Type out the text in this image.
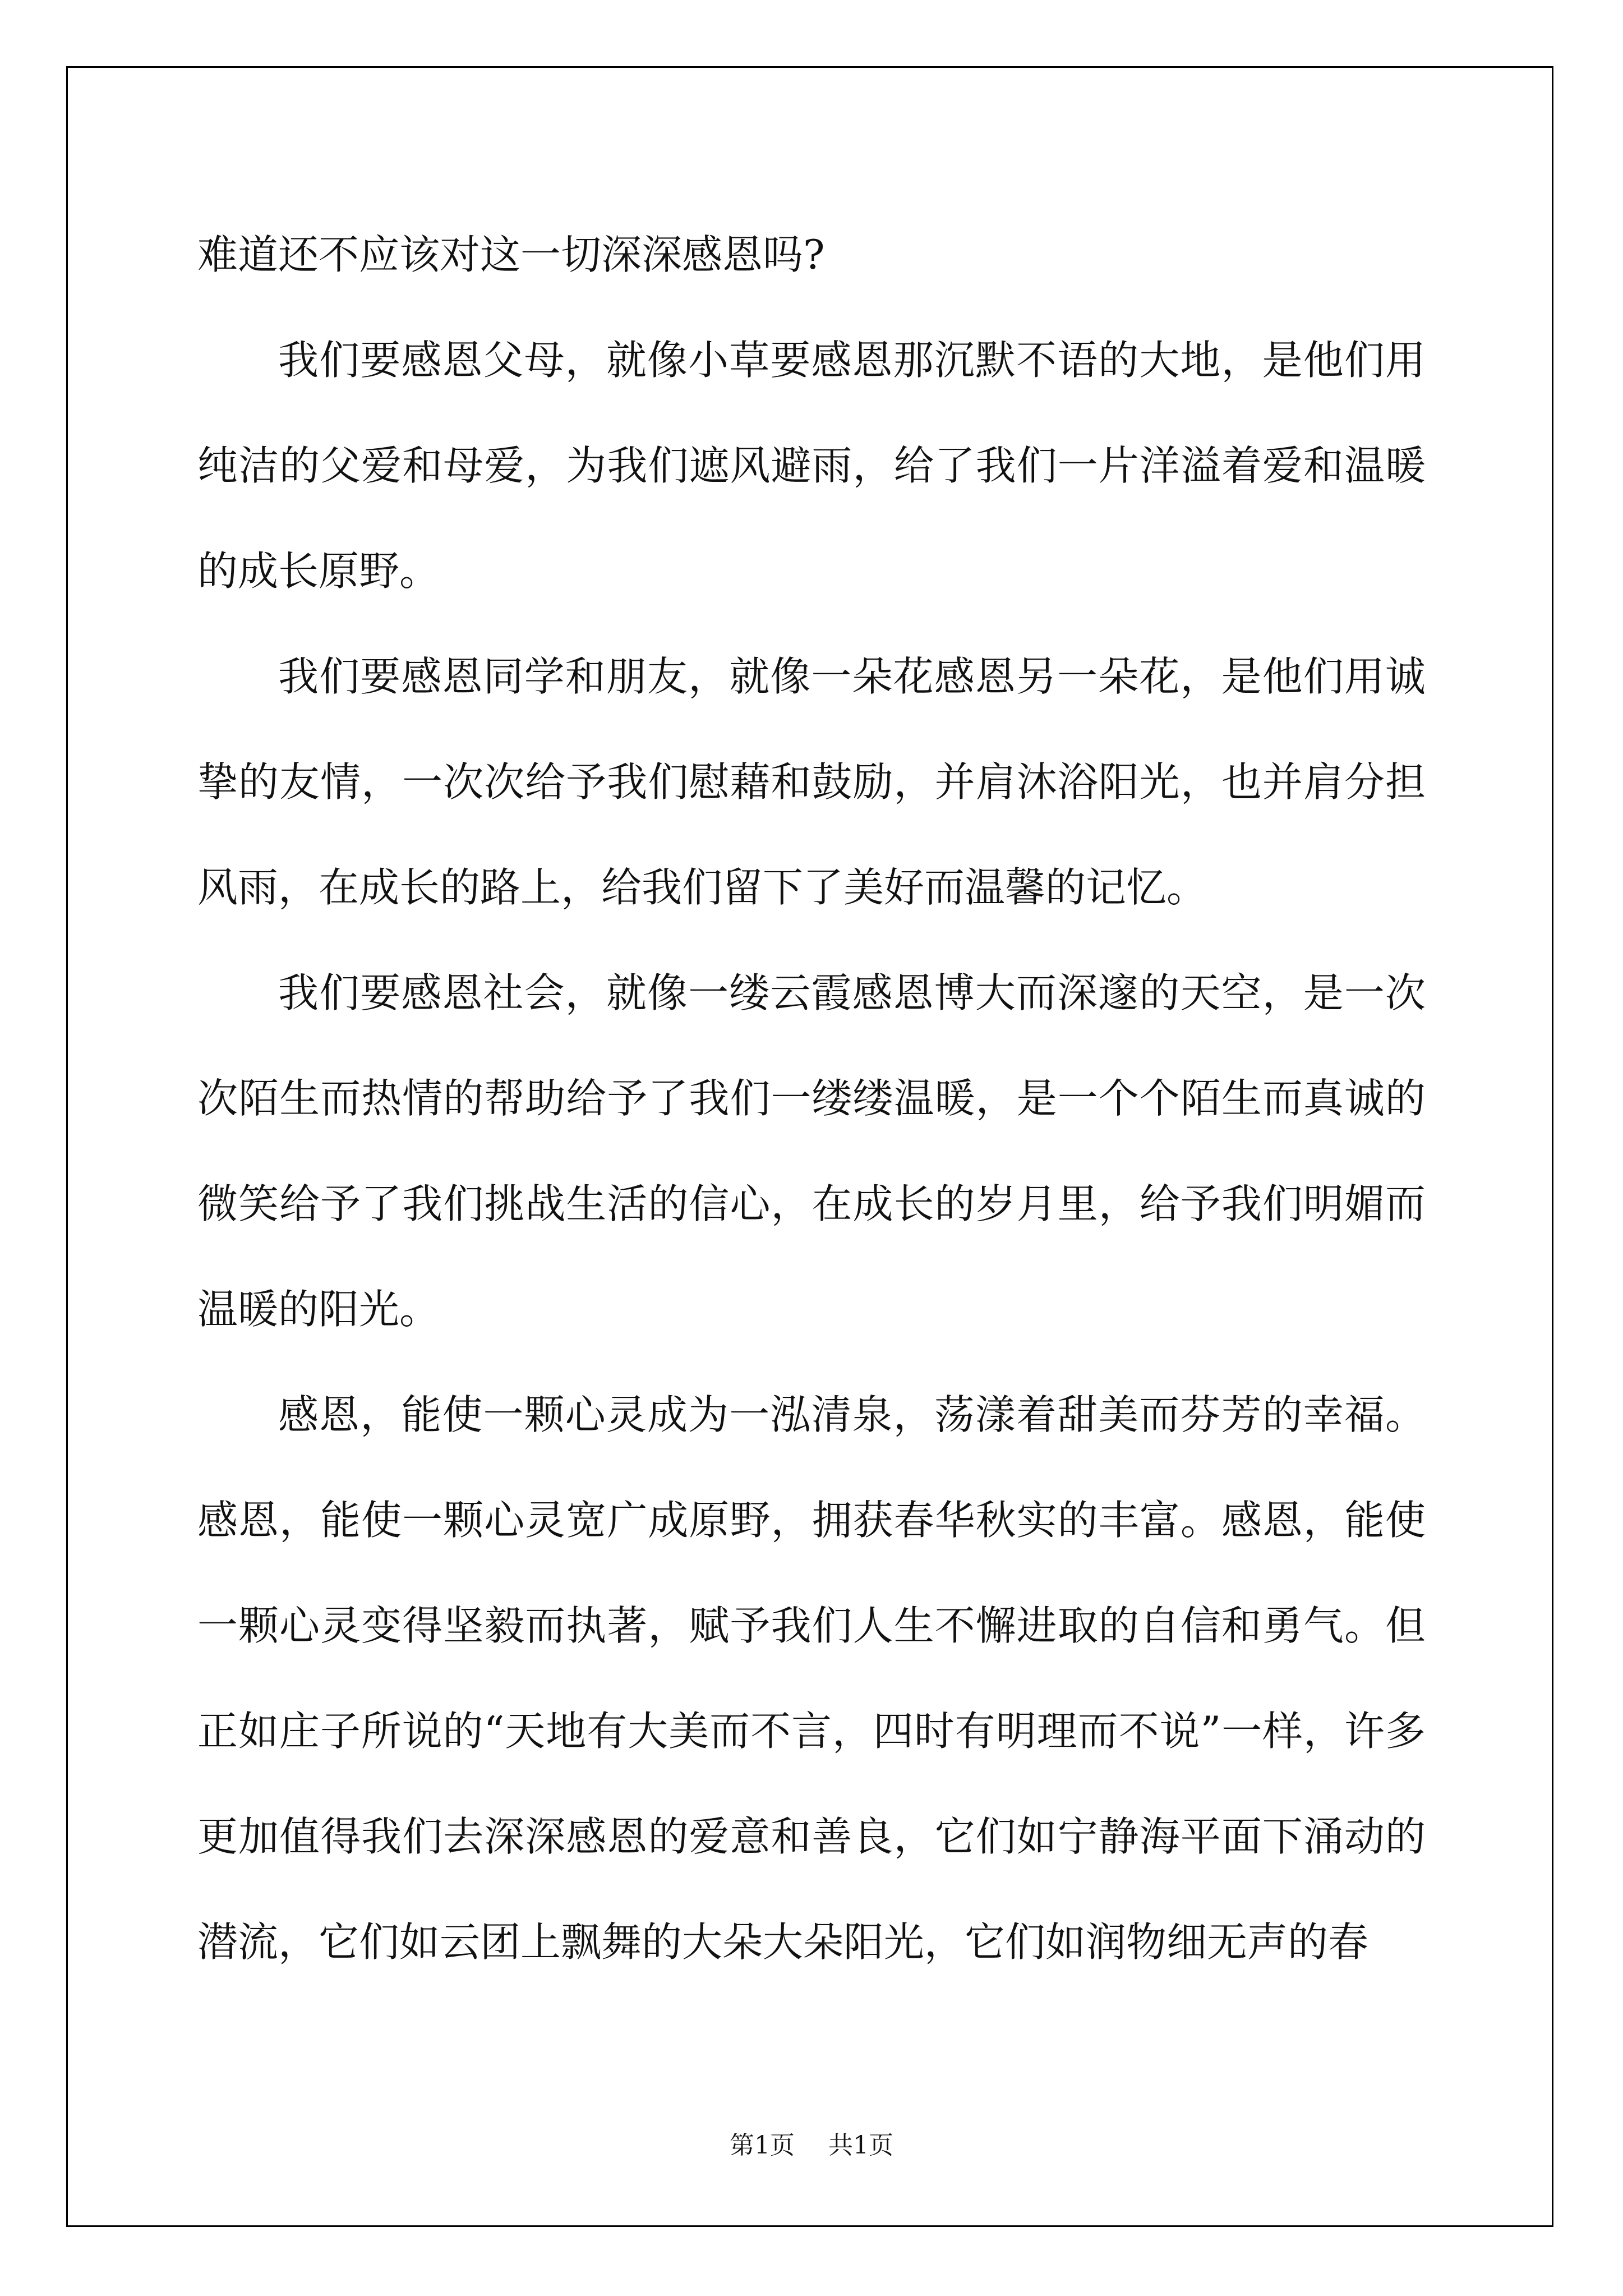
难道还不应该对这一切深深感恩吗?

我们要感恩父母，就像小草要感恩那沉默不语的大地，是他们用纯洁的父爱和母爱，为我们遮风避雨，给了我们一片洋溢着爱和温暖的成长原野。

我们要感恩同学和朋友，就像一朵花感恩另一朵花，是他们用诚挚的友情，一次次给予我们慰藉和鼓励，并肩沐浴阳光，也并肩分担风雨，在成长的路上，给我们留下了美好而温馨的记忆。

我们要感恩社会，就像一缕云霞感恩博大而深邃的天空，是一次次陌生而热情的帮助给予了我们一缕缕温暖，是一个个陌生而真诚的微笑给予了我们挑战生活的信心，在成长的岁月里，给予我们明媚而温暖的阳光。

感恩，能使一颗心灵成为一泓清泉，荡漾着甜美而芬芳的幸福。感恩，能使一颗心灵宽广成原野，拥获春华秋实的丰富。感恩，能使一颗心灵变得坚毅而执著，赋予我们人生不懈进取的自信和勇气。但正如庄子所说的“天地有大美而不言，四时有明理而不说”一样，许多更加值得我们去深深感恩的爱意和善良，它们如宁静海平面下涌动的潜流，它们如云团上飘舞的大朵大朵阳光，它们如润物细无声的春

第1页 共1页
